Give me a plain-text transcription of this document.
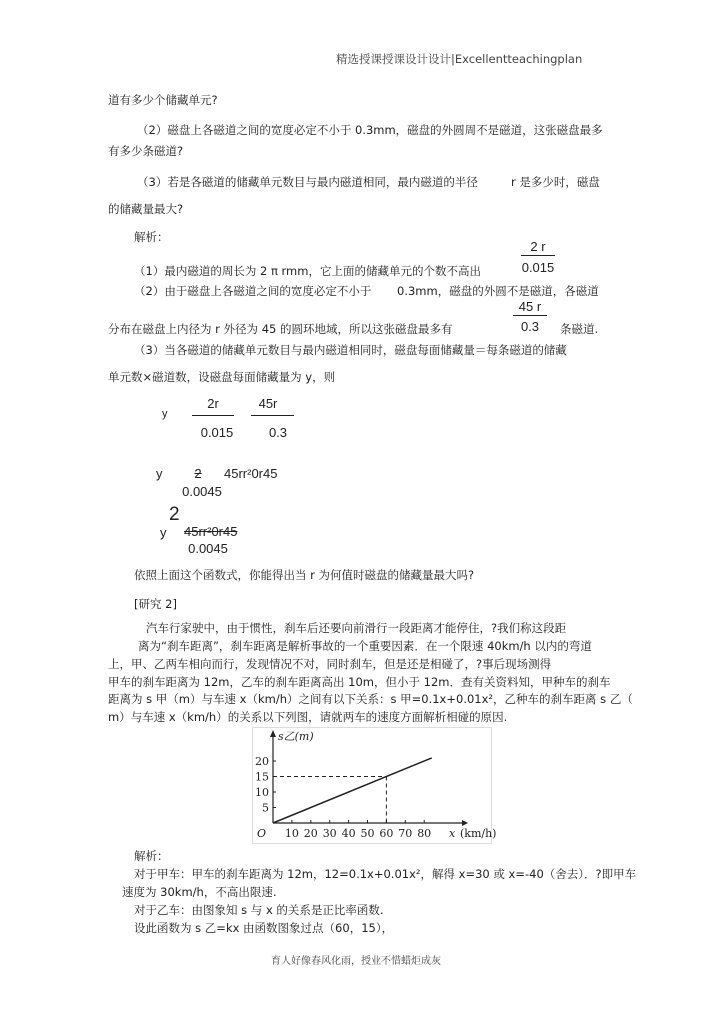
精选授课授课设计设计|Excellentteachingplan
道有多少个储藏单元?
（2）磁盘上各磁道之间的宽度必定不小于 0.3mm，磁盘的外圆周不是磁道，这张磁盘最多
有多少条磁道?
（3）若是各磁道的储藏单元数目与最内磁道相同，最内磁道的半径	r 是多少时，磁盘
的储藏量最大?
解析：
2 r
0.015
（1）最内磁道的周长为 2 π rmm，它上面的储藏单元的个数不高出
（2）由于磁盘上各磁道之间的宽度必定不小于 0.3mm，磁盘的外圆不是磁道，各磁道
45 r
0.3
分布在磁盘上内径为 r 外径为 45 的圆环地域，所以这张磁盘最多有	条磁道.
（3）当各磁道的储藏单元数目与最内磁道相同时，磁盘每面储藏量＝每条磁道的储藏
单元数×磁道数，设磁盘每面储藏量为 y，则
y
2r
0.015
45r
0.3
y	2	45rr²0r45
0.0045
y
2
45rr²0r45
0.0045
依照上面这个函数式，你能得出当 r 为何值时磁盘的储藏量最大吗?
[研究 2]
汽车行家驶中，由于惯性，刹车后还要向前滑行一段距离才能停住，?我们称这段距
离为“刹车距离”，刹车距离是解析事故的一个重要因素．在一个限速 40km/h 以内的弯道
上，甲、乙两车相向而行，发现情况不对，同时刹车，但是还是相碰了，?事后现场测得
甲车的刹车距离为 12m，乙车的刹车距离高出 10m，但小于 12m．查有关资料知，甲种车的刹车
距离为 s 甲（m）与车速 x（km/h）之间有以下关系：s 甲=0.1x+0.01x²，乙种车的刹车距离 s 乙（
m）与车速 x（km/h）的关系以下列图，请就两车的速度方面解析相碰的原因.
10 20 30 40 50 60 70 80
5
10
15
20
O
s乙(m)
x (km/h)
解析：
对于甲车：甲车的刹车距离为 12m，12=0.1x+0.01x²，解得 x=30 或 x=-40（舍去）．?即甲车
速度为 30km/h，不高出限速.
对于乙车：由图象知 s 与 x 的关系是正比率函数.
设此函数为 s 乙=kx 由函数图象过点（60，15），
育人好像春风化雨，授业不惜蜡炬成灰
